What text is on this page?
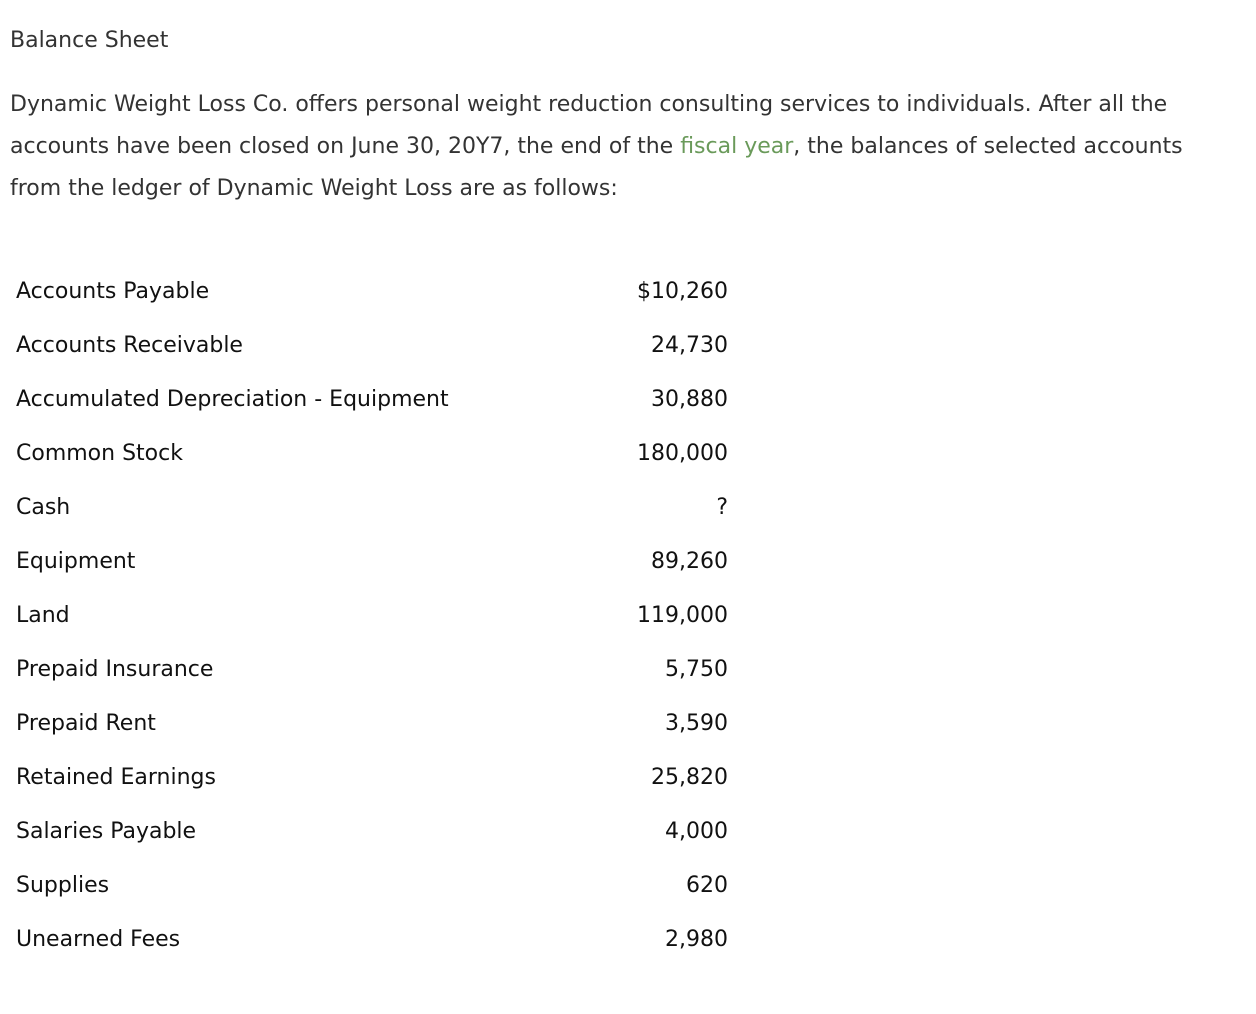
Balance Sheet

Dynamic Weight Loss Co. offers personal weight reduction consulting services to individuals. After all the accounts have been closed on June 30, 20Y7, the end of the fiscal year, the balances of selected accounts from the ledger of Dynamic Weight Loss are as follows:

Accounts Payable	$10,260
Accounts Receivable	24,730
Accumulated Depreciation - Equipment	30,880
Common Stock	180,000
Cash	?
Equipment	89,260
Land	119,000
Prepaid Insurance	5,750
Prepaid Rent	3,590
Retained Earnings	25,820
Salaries Payable	4,000
Supplies	620
Unearned Fees	2,980
